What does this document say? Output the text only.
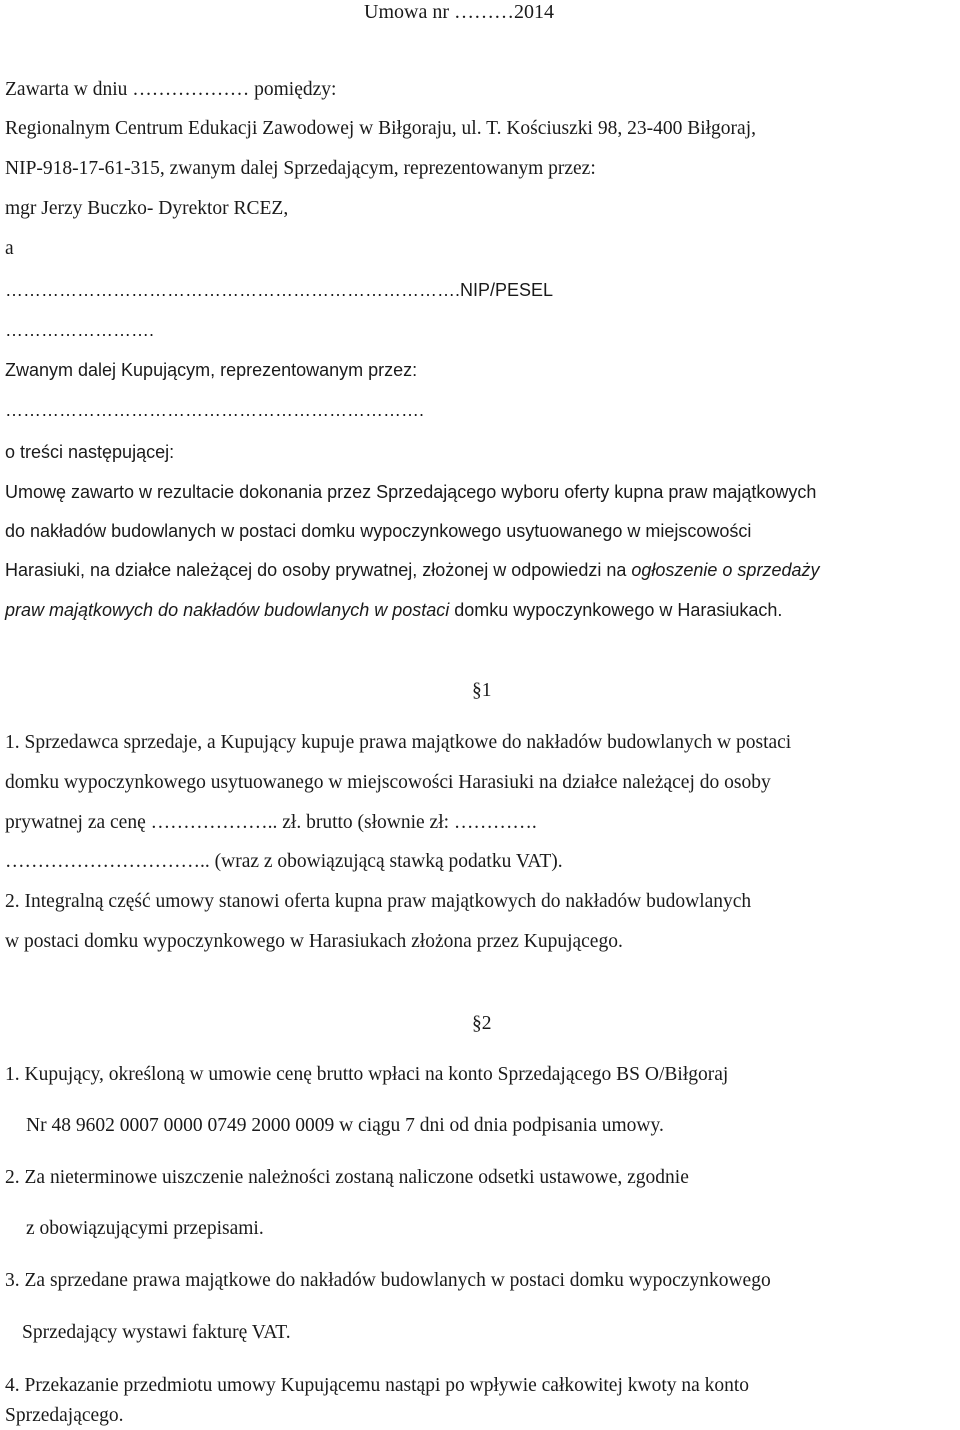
Umowa nr ………2014
Zawarta w dniu ……………… pomiędzy:
Regionalnym Centrum Edukacji Zawodowej w Biłgoraju, ul. T. Kościuszki 98, 23-400 Biłgoraj,
NIP-918-17-61-315, zwanym dalej Sprzedającym, reprezentowanym przez:
mgr Jerzy Buczko- Dyrektor RCEZ,
a
………………………………………………………………….NIP/PESEL
…………………….
Zwanym dalej Kupującym, reprezentowanym przez:
…………………………………………………………….
o treści następującej:
Umowę zawarto w rezultacie dokonania przez Sprzedającego wyboru oferty kupna praw majątkowych
do nakładów budowlanych w postaci domku wypoczynkowego usytuowanego w miejscowości
Harasiuki, na działce należącej do osoby prywatnej, złożonej w odpowiedzi na ogłoszenie o sprzedaży
praw majątkowych do nakładów budowlanych w postaci domku wypoczynkowego w Harasiukach.
§1
1. Sprzedawca sprzedaje, a Kupujący kupuje prawa majątkowe do nakładów budowlanych w postaci
domku wypoczynkowego usytuowanego w miejscowości Harasiuki na działce należącej do osoby
prywatnej za cenę ……………….. zł. brutto (słownie zł: ………….
………………………….. (wraz z obowiązującą stawką podatku VAT).
2. Integralną część umowy stanowi oferta kupna praw majątkowych do nakładów budowlanych
w postaci domku wypoczynkowego w Harasiukach złożona przez Kupującego.
§2
1. Kupujący, określoną w umowie cenę brutto wpłaci na konto Sprzedającego BS O/Biłgoraj
Nr 48 9602 0007 0000 0749 2000 0009 w ciągu 7 dni od dnia podpisania umowy.
2. Za nieterminowe uiszczenie należności zostaną naliczone odsetki ustawowe, zgodnie
z obowiązującymi przepisami.
3. Za sprzedane prawa majątkowe do nakładów budowlanych w postaci domku wypoczynkowego
Sprzedający wystawi fakturę VAT.
4. Przekazanie przedmiotu umowy Kupującemu nastąpi po wpływie całkowitej kwoty na konto
Sprzedającego.
